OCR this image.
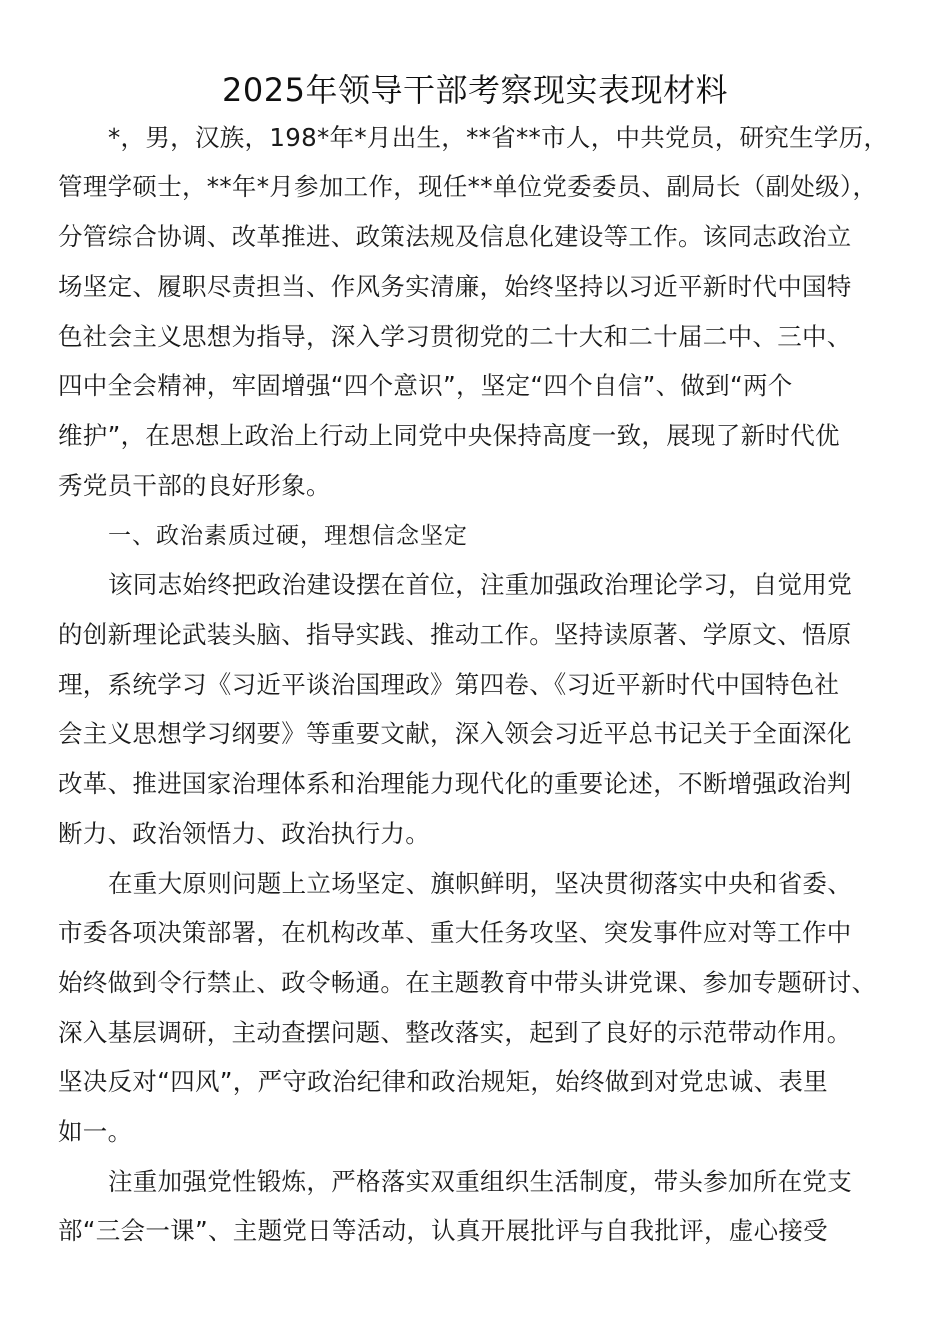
2025年领导干部考察现实表现材料
*，男，汉族，198*年*月出生，**省**市人，中共党员，研究生学历，
管理学硕士，**年*月参加工作，现任**单位党委委员、副局长（副处级），
分管综合协调、改革推进、政策法规及信息化建设等工作。该同志政治立
场坚定、履职尽责担当、作风务实清廉，始终坚持以习近平新时代中国特
色社会主义思想为指导，深入学习贯彻党的二十大和二十届二中、三中、
四中全会精神，牢固增强“四个意识”，坚定“四个自信”、做到“两个
维护”，在思想上政治上行动上同党中央保持高度一致，展现了新时代优
秀党员干部的良好形象。
一、政治素质过硬，理想信念坚定
该同志始终把政治建设摆在首位，注重加强政治理论学习，自觉用党
的创新理论武装头脑、指导实践、推动工作。坚持读原著、学原文、悟原
理，系统学习《习近平谈治国理政》第四卷、《习近平新时代中国特色社
会主义思想学习纲要》等重要文献，深入领会习近平总书记关于全面深化
改革、推进国家治理体系和治理能力现代化的重要论述，不断增强政治判
断力、政治领悟力、政治执行力。
在重大原则问题上立场坚定、旗帜鲜明，坚决贯彻落实中央和省委、
市委各项决策部署，在机构改革、重大任务攻坚、突发事件应对等工作中
始终做到令行禁止、政令畅通。在主题教育中带头讲党课、参加专题研讨、
深入基层调研，主动查摆问题、整改落实，起到了良好的示范带动作用。
坚决反对“四风”，严守政治纪律和政治规矩，始终做到对党忠诚、表里
如一。
注重加强党性锻炼，严格落实双重组织生活制度，带头参加所在党支
部“三会一课”、主题党日等活动，认真开展批评与自我批评，虚心接受
